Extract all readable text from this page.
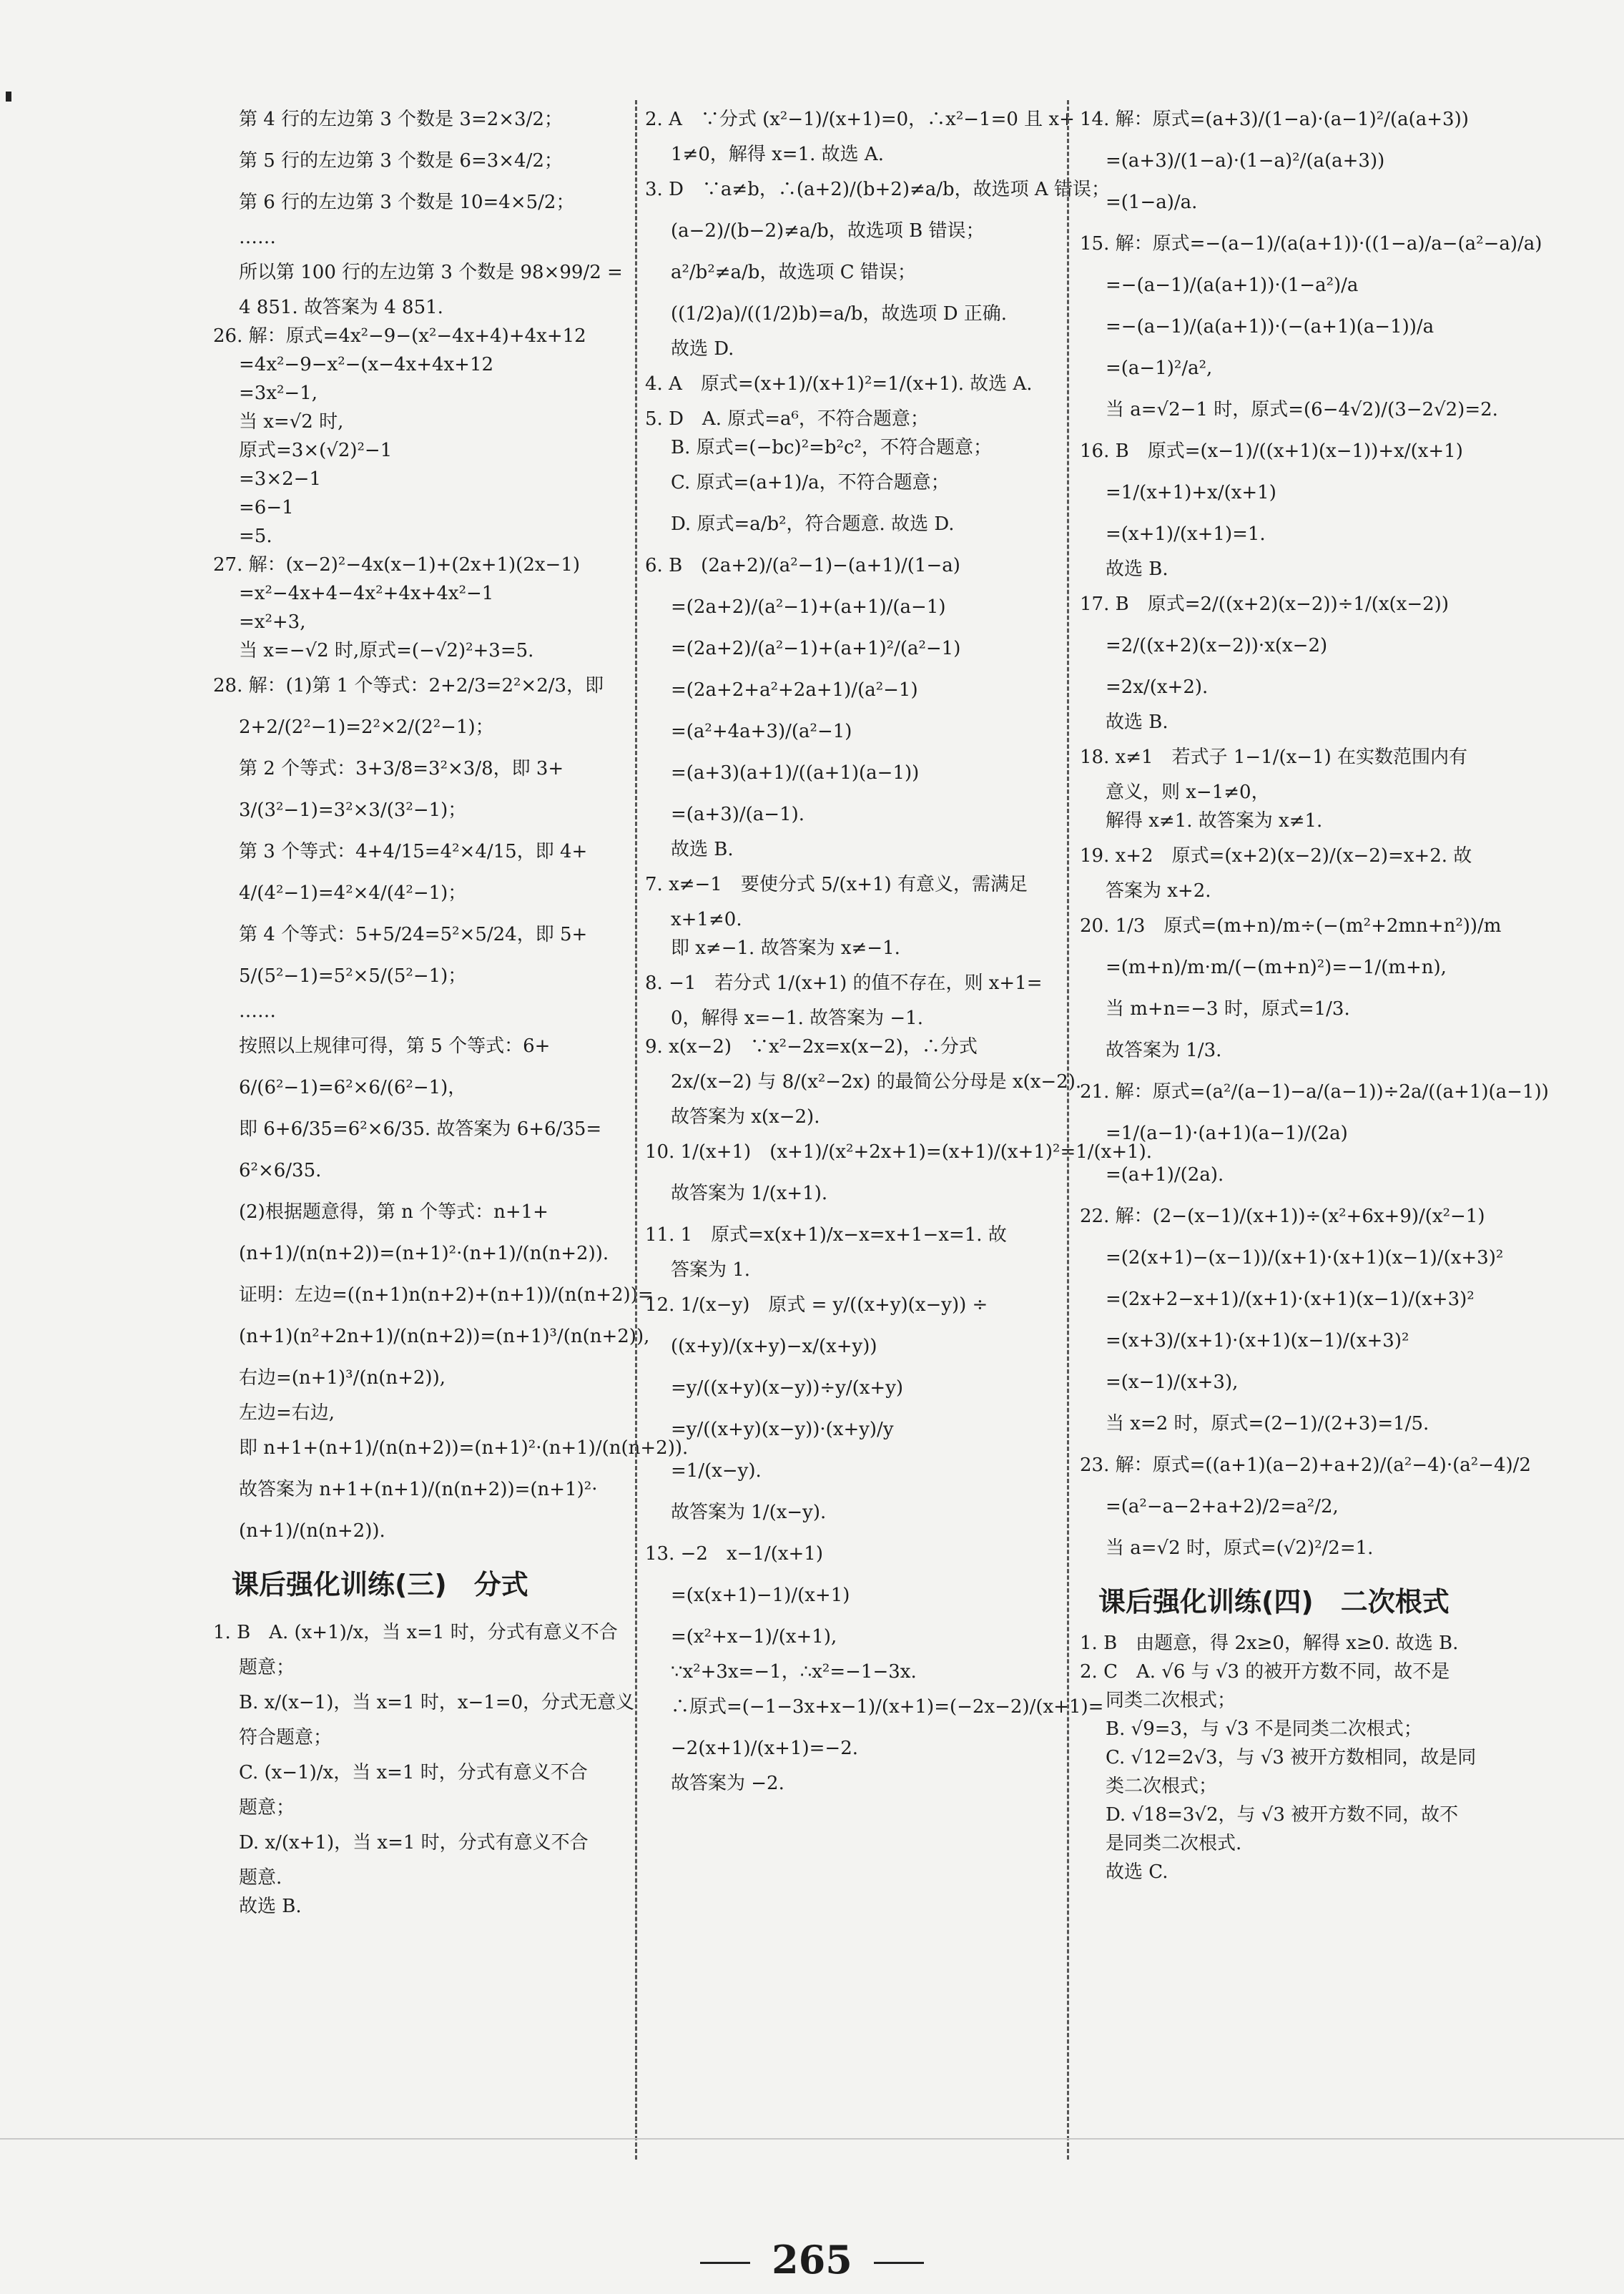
第 4 行的左边第 3 个数是 3=2×3/2；
第 5 行的左边第 3 个数是 6=3×4/2；
第 6 行的左边第 3 个数是 10=4×5/2；
……
所以第 100 行的左边第 3 个数是 98×99/2 =
4 851. 故答案为 4 851.
26. 解：原式=4x²−9−(x²−4x+4)+4x+12
=4x²−9−x²−(x−4x+4x+12
=3x²−1,
当 x=√2 时,
原式=3×(√2)²−1
=3×2−1
=6−1
=5.
27. 解：(x−2)²−4x(x−1)+(2x+1)(2x−1)
=x²−4x+4−4x²+4x+4x²−1
=x²+3,
当 x=−√2 时,原式=(−√2)²+3=5.
28. 解：(1)第 1 个等式：2+2/3=2²×2/3，即
2+2/(2²−1)=2²×2/(2²−1)；
第 2 个等式：3+3/8=3²×3/8，即 3+
3/(3²−1)=3²×3/(3²−1)；
第 3 个等式：4+4/15=4²×4/15，即 4+
4/(4²−1)=4²×4/(4²−1)；
第 4 个等式：5+5/24=5²×5/24，即 5+
5/(5²−1)=5²×5/(5²−1)；
……
按照以上规律可得，第 5 个等式：6+
6/(6²−1)=6²×6/(6²−1)，
即 6+6/35=6²×6/35. 故答案为 6+6/35=
6²×6/35.
(2)根据题意得，第 n 个等式：n+1+
(n+1)/(n(n+2))=(n+1)²·(n+1)/(n(n+2)).
证明：左边=((n+1)n(n+2)+(n+1))/(n(n+2))=
(n+1)(n²+2n+1)/(n(n+2))=(n+1)³/(n(n+2)),
右边=(n+1)³/(n(n+2)),
左边=右边,
即 n+1+(n+1)/(n(n+2))=(n+1)²·(n+1)/(n(n+2)).
故答案为 n+1+(n+1)/(n(n+2))=(n+1)²·
(n+1)/(n(n+2)).
课后强化训练(三)　分式
1. B　A. (x+1)/x，当 x=1 时，分式有意义不合
题意；
B. x/(x−1)，当 x=1 时，x−1=0，分式无意义
符合题意；
C. (x−1)/x，当 x=1 时，分式有意义不合
题意；
D. x/(x+1)，当 x=1 时，分式有意义不合
题意.
故选 B.
2. A　∵分式 (x²−1)/(x+1)=0，∴x²−1=0 且 x+
1≠0，解得 x=1. 故选 A.
3. D　∵a≠b，∴(a+2)/(b+2)≠a/b，故选项 A 错误；
(a−2)/(b−2)≠a/b，故选项 B 错误；
a²/b²≠a/b，故选项 C 错误；
((1/2)a)/((1/2)b)=a/b，故选项 D 正确.
故选 D.
4. A　原式=(x+1)/(x+1)²=1/(x+1). 故选 A.
5. D　A. 原式=a⁶，不符合题意；
B. 原式=(−bc)²=b²c²，不符合题意；
C. 原式=(a+1)/a，不符合题意；
D. 原式=a/b²，符合题意. 故选 D.
6. B　(2a+2)/(a²−1)−(a+1)/(1−a)
=(2a+2)/(a²−1)+(a+1)/(a−1)
=(2a+2)/(a²−1)+(a+1)²/(a²−1)
=(2a+2+a²+2a+1)/(a²−1)
=(a²+4a+3)/(a²−1)
=(a+3)(a+1)/((a+1)(a−1))
=(a+3)/(a−1).
故选 B.
7. x≠−1　要使分式 5/(x+1) 有意义，需满足
x+1≠0.
即 x≠−1. 故答案为 x≠−1.
8. −1　若分式 1/(x+1) 的值不存在，则 x+1=
0，解得 x=−1. 故答案为 −1.
9. x(x−2)　∵x²−2x=x(x−2)，∴分式
2x/(x−2) 与 8/(x²−2x) 的最简公分母是 x(x−2).
故答案为 x(x−2).
10. 1/(x+1)　(x+1)/(x²+2x+1)=(x+1)/(x+1)²=1/(x+1).
故答案为 1/(x+1).
11. 1　原式=x(x+1)/x−x=x+1−x=1. 故
答案为 1.
12. 1/(x−y)　原式 = y/((x+y)(x−y)) ÷
((x+y)/(x+y)−x/(x+y))
=y/((x+y)(x−y))÷y/(x+y)
=y/((x+y)(x−y))·(x+y)/y
=1/(x−y).
故答案为 1/(x−y).
13. −2　x−1/(x+1)
=(x(x+1)−1)/(x+1)
=(x²+x−1)/(x+1),
∵x²+3x=−1，∴x²=−1−3x.
∴原式=(−1−3x+x−1)/(x+1)=(−2x−2)/(x+1)=
−2(x+1)/(x+1)=−2.
故答案为 −2.
14. 解：原式=(a+3)/(1−a)·(a−1)²/(a(a+3))
=(a+3)/(1−a)·(1−a)²/(a(a+3))
=(1−a)/a.
15. 解：原式=−(a−1)/(a(a+1))·((1−a)/a−(a²−a)/a)
=−(a−1)/(a(a+1))·(1−a²)/a
=−(a−1)/(a(a+1))·(−(a+1)(a−1))/a
=(a−1)²/a²,
当 a=√2−1 时，原式=(6−4√2)/(3−2√2)=2.
16. B　原式=(x−1)/((x+1)(x−1))+x/(x+1)
=1/(x+1)+x/(x+1)
=(x+1)/(x+1)=1.
故选 B.
17. B　原式=2/((x+2)(x−2))÷1/(x(x−2))
=2/((x+2)(x−2))·x(x−2)
=2x/(x+2).
故选 B.
18. x≠1　若式子 1−1/(x−1) 在实数范围内有
意义，则 x−1≠0，
解得 x≠1. 故答案为 x≠1.
19. x+2　原式=(x+2)(x−2)/(x−2)=x+2. 故
答案为 x+2.
20. 1/3　原式=(m+n)/m÷(−(m²+2mn+n²))/m
=(m+n)/m·m/(−(m+n)²)=−1/(m+n),
当 m+n=−3 时，原式=1/3.
故答案为 1/3.
21. 解：原式=(a²/(a−1)−a/(a−1))÷2a/((a+1)(a−1))
=1/(a−1)·(a+1)(a−1)/(2a)
=(a+1)/(2a).
22. 解：(2−(x−1)/(x+1))÷(x²+6x+9)/(x²−1)
=(2(x+1)−(x−1))/(x+1)·(x+1)(x−1)/(x+3)²
=(2x+2−x+1)/(x+1)·(x+1)(x−1)/(x+3)²
=(x+3)/(x+1)·(x+1)(x−1)/(x+3)²
=(x−1)/(x+3),
当 x=2 时，原式=(2−1)/(2+3)=1/5.
23. 解：原式=((a+1)(a−2)+a+2)/(a²−4)·(a²−4)/2
=(a²−a−2+a+2)/2=a²/2,
当 a=√2 时，原式=(√2)²/2=1.
课后强化训练(四)　二次根式
1. B　由题意，得 2x≥0，解得 x≥0. 故选 B.
2. C　A. √6 与 √3 的被开方数不同，故不是
同类二次根式；
B. √9=3，与 √3 不是同类二次根式；
C. √12=2√3，与 √3 被开方数相同，故是同
类二次根式；
D. √18=3√2，与 √3 被开方数不同，故不
是同类二次根式.
故选 C.
265
